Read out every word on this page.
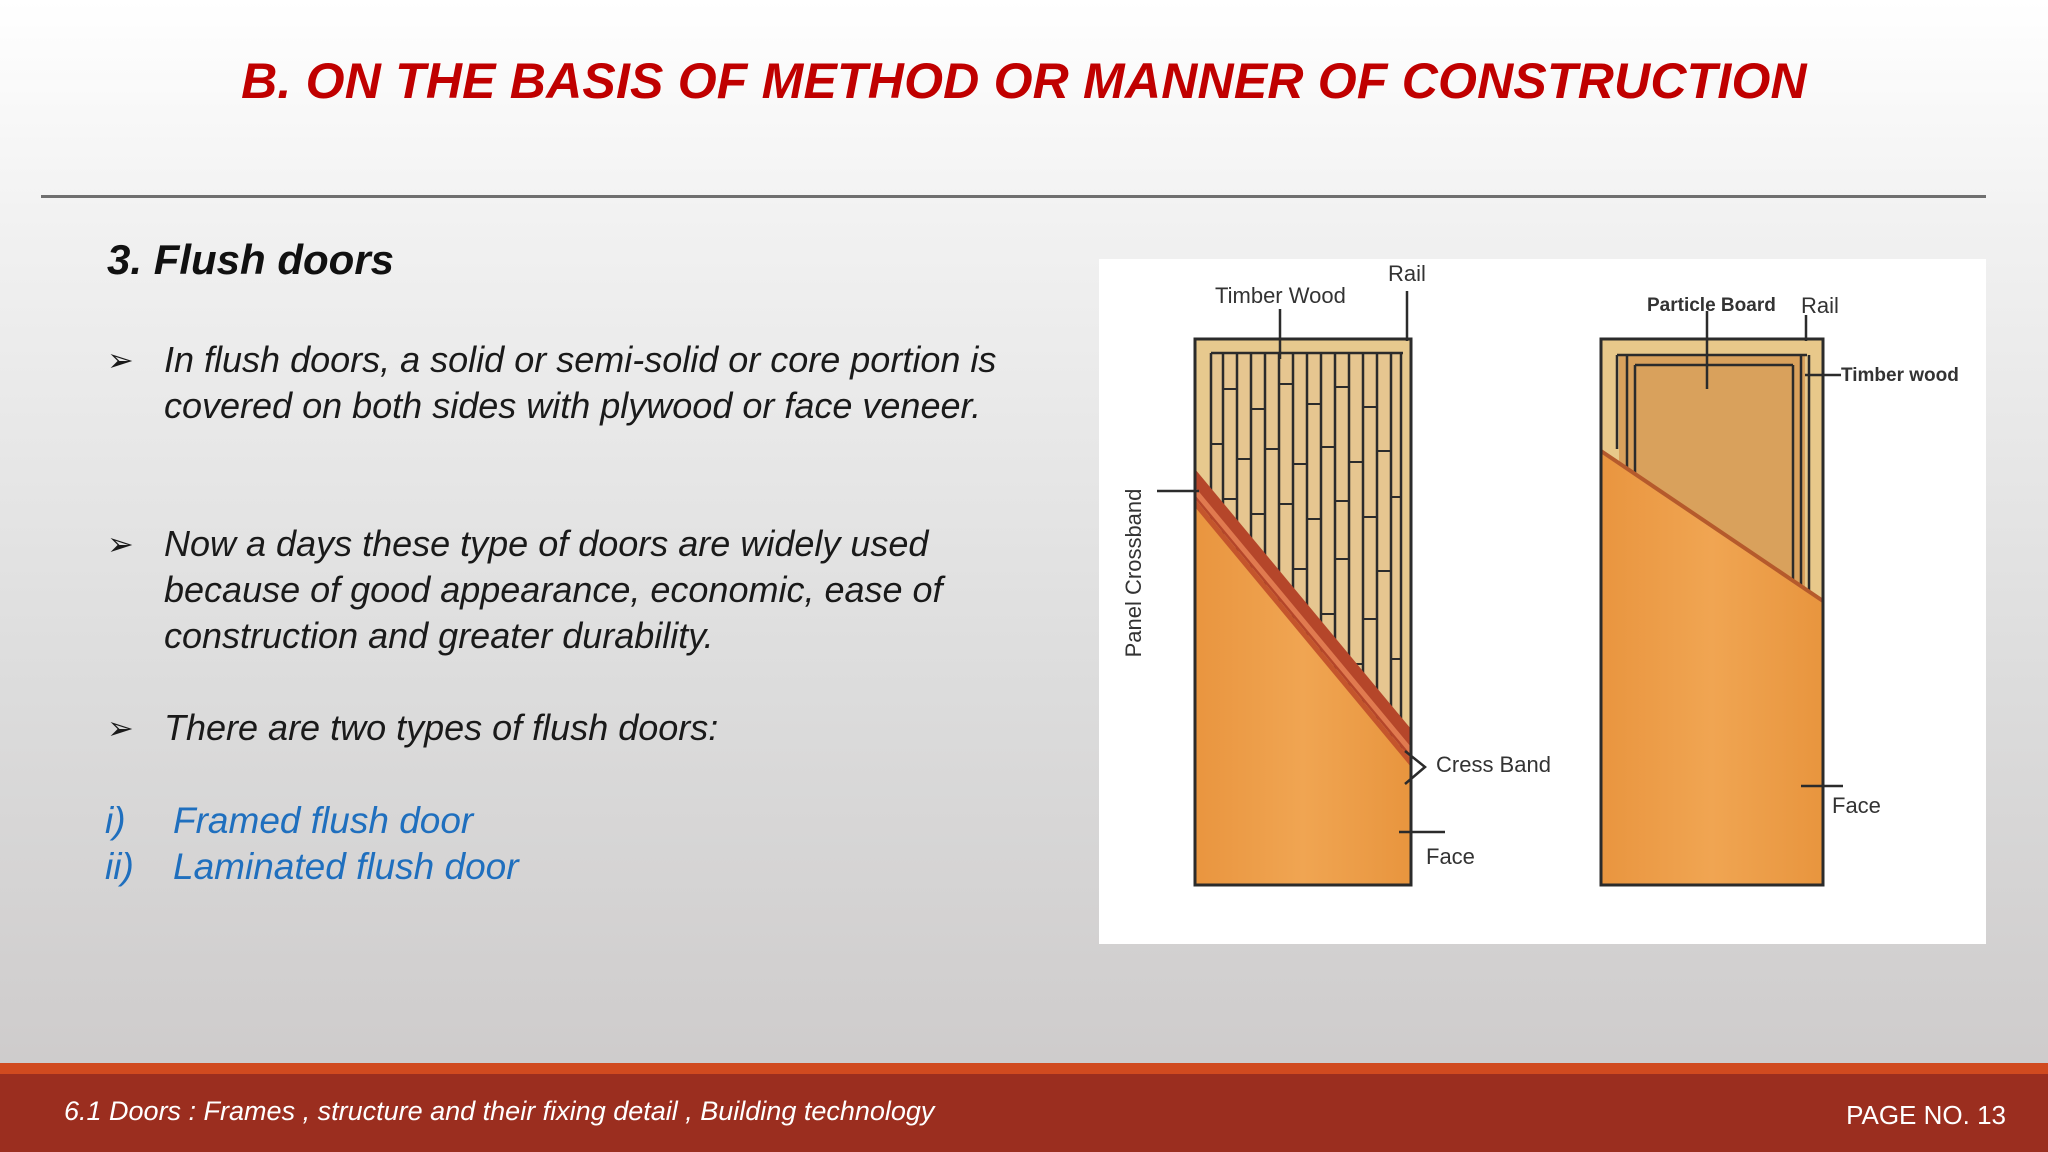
B. ON THE BASIS OF METHOD OR MANNER OF CONSTRUCTION
3. Flush doors
➢ In flush doors, a solid or semi-solid or core portion is covered on both sides with plywood or face veneer.
➢ Now a days these type of doors are widely used because of good appearance, economic, ease of construction and greater durability.
➢ There are two types of flush doors:
i)	Framed flush door
ii)	Laminated flush door
Timber Wood
Rail
Panel Crossband
Cress Band
Face
Particle Board Rail
Timber wood
Face
6.1 Doors : Frames , structure and their fixing detail , Building technology	PAGE NO. 13
